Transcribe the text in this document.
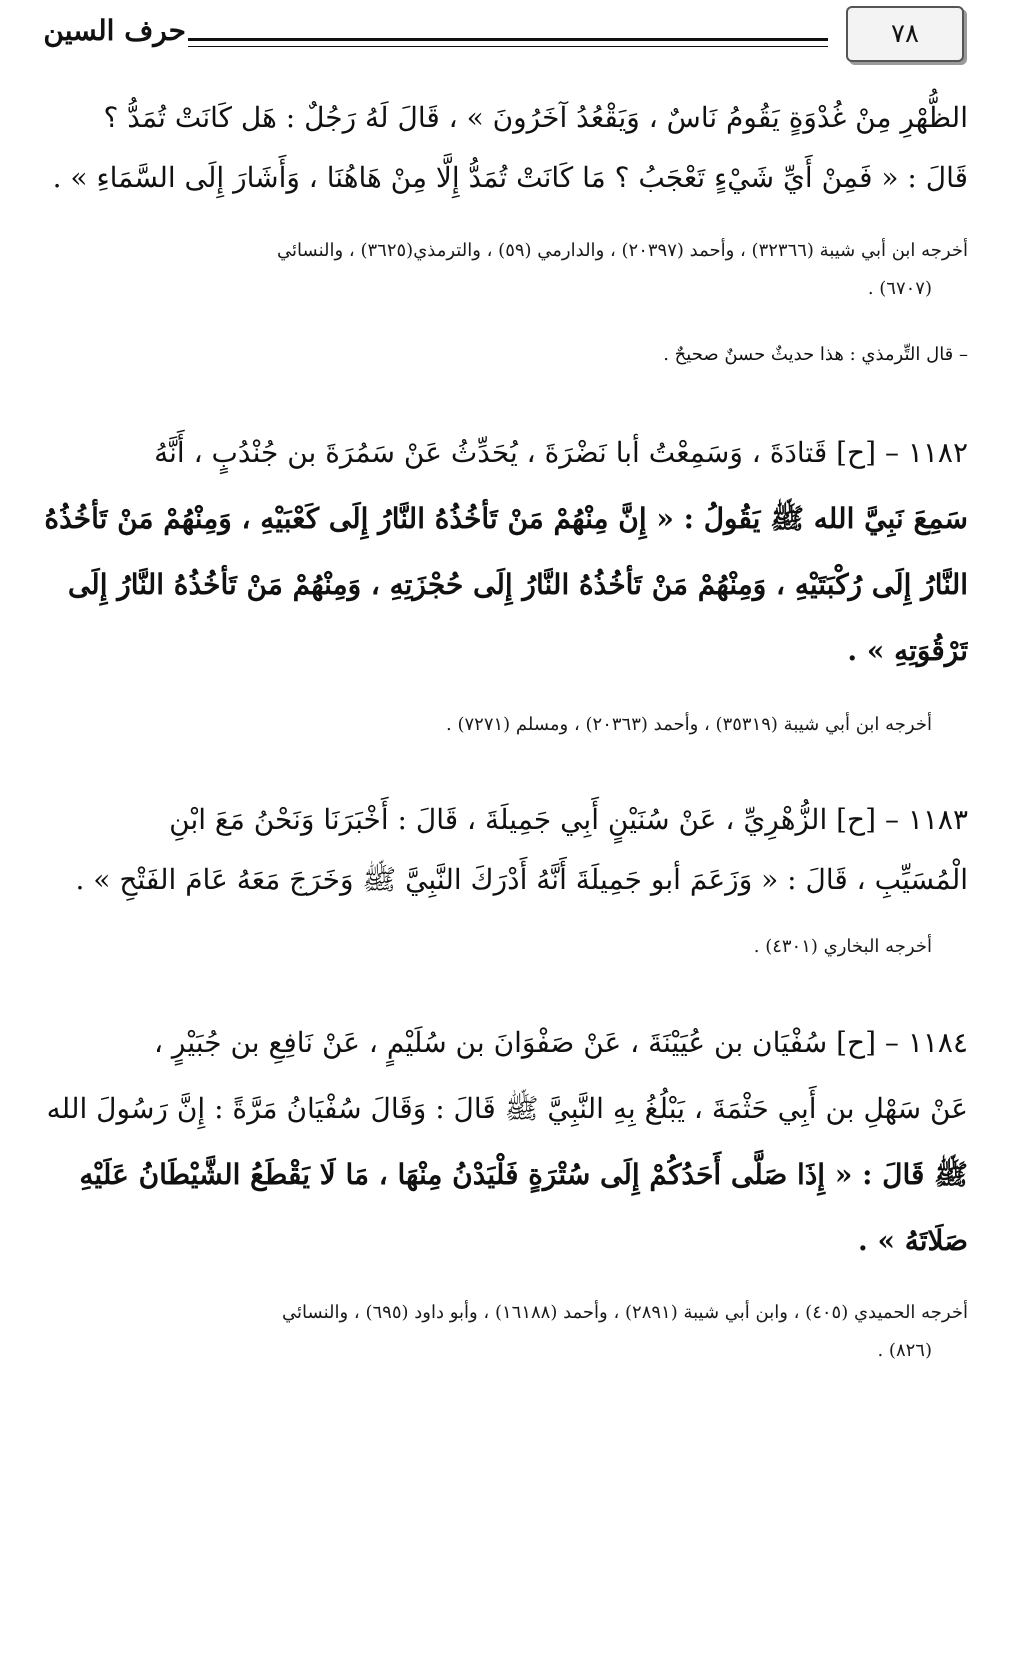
٧٨
حرف السين
الظُّهْرِ مِنْ غُدْوَةٍ يَقُومُ نَاسٌ ، وَيَقْعُدُ آخَرُونَ » ، قَالَ لَهُ رَجُلٌ : هَل كَانَتْ تُمَدُّ ؟
قَالَ : « فَمِنْ أَيِّ شَيْءٍ تَعْجَبُ ؟ مَا كَانَتْ تُمَدُّ إِلَّا مِنْ هَاهُنَا ، وَأَشَارَ إِلَى السَّمَاءِ » .
أخرجه ابن أبي شيبة (٣٢٣٦٦) ، وأحمد (٢٠٣٩٧) ، والدارمي (٥٩) ، والترمذي(٣٦٢٥) ، والنسائي
(٦٧٠٧) .
– قال التِّرمذي : هذا حديثٌ حسنٌ صحيحٌ .
١١٨٢ – [ح] قَتادَةَ ، وَسَمِعْتُ أبا نَضْرَةَ ، يُحَدِّثُ عَنْ سَمُرَةَ بن جُنْدُبٍ ، أَنَّهُ
سَمِعَ نَبِيَّ الله ﷺ يَقُولُ : « إِنَّ مِنْهُمْ مَنْ تَأخُذُهُ النَّارُ إِلَى كَعْبَيْهِ ، وَمِنْهُمْ مَنْ تَأخُذُهُ
النَّارُ إِلَى رُكْبَتَيْهِ ، وَمِنْهُمْ مَنْ تَأخُذُهُ النَّارُ إِلَى حُجْزَتِهِ ، وَمِنْهُمْ مَنْ تَأخُذُهُ النَّارُ إِلَى
تَرْقُوَتِهِ » .
أخرجه ابن أبي شيبة (٣٥٣١٩) ، وأحمد (٢٠٣٦٣) ، ومسلم (٧٢٧١) .
١١٨٣ – [ح] الزُّهْرِيِّ ، عَنْ سُنَيْنٍ أَبِي جَمِيلَةَ ، قَالَ : أَخْبَرَنَا وَنَحْنُ مَعَ ابْنِ
الْمُسَيِّبِ ، قَالَ : « وَزَعَمَ أبو جَمِيلَةَ أَنَّهُ أَدْرَكَ النَّبِيَّ ﷺ وَخَرَجَ مَعَهُ عَامَ الفَتْحِ » .
أخرجه البخاري (٤٣٠١) .
١١٨٤ – [ح] سُفْيَان بن عُيَيْنَةَ ، عَنْ صَفْوَانَ بن سُلَيْمٍ ، عَنْ نَافِعِ بن جُبَيْرٍ ،
عَنْ سَهْلِ بن أَبِي حَثْمَةَ ، يَبْلُغُ بِهِ النَّبِيَّ ﷺ قَالَ : وَقَالَ سُفْيَانُ مَرَّةً : إِنَّ رَسُولَ الله
ﷺ قَالَ : « إِذَا صَلَّى أَحَدُكُمْ إِلَى سُتْرَةٍ فَلْيَدْنُ مِنْهَا ، مَا لَا يَقْطَعُ الشَّيْطَانُ عَلَيْهِ
صَلَاتَهُ » .
أخرجه الحميدي (٤٠٥) ، وابن أبي شيبة (٢٨٩١) ، وأحمد (١٦١٨٨) ، وأبو داود (٦٩٥) ، والنسائي
(٨٢٦) .
